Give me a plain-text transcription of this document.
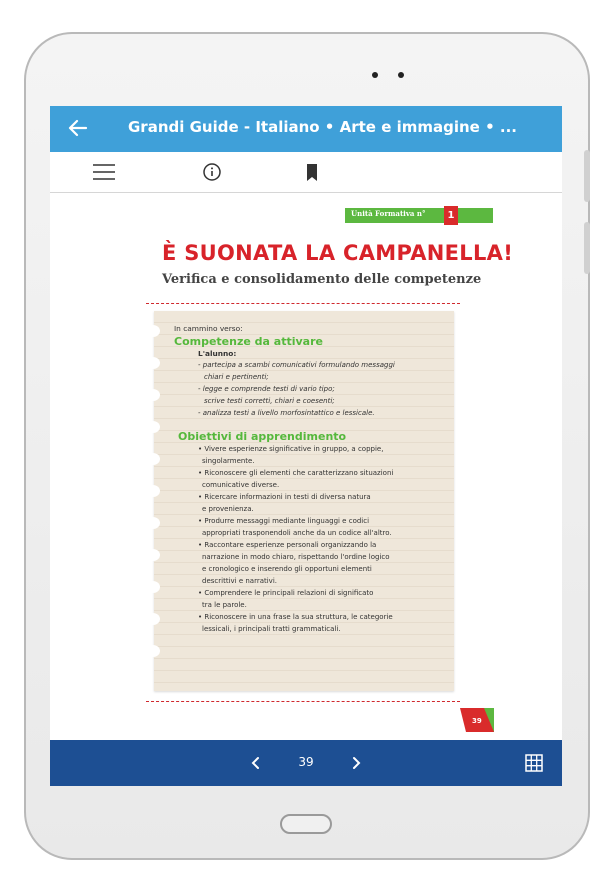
Grandi Guide - Italiano • Arte e immagine • ...
Unità Formativa n°	1
È SUONATA LA CAMPANELLA!
Verifica e consolidamento delle competenze
In cammino verso:
Competenze da attivare
L'alunno:
- partecipa a scambi comunicativi formulando messaggi
chiari e pertinenti;
- legge e comprende testi di vario tipo;
scrive testi corretti, chiari e coesenti;
- analizza testi a livello morfosintattico e lessicale.
Obiettivi di apprendimento
• Vivere esperienze significative in gruppo, a coppie,
singolarmente.
• Riconoscere gli elementi che caratterizzano situazioni
comunicative diverse.
• Ricercare informazioni in testi di diversa natura
e provenienza.
• Produrre messaggi mediante linguaggi e codici
appropriati trasponendoli anche da un codice all'altro.
• Raccontare esperienze personali organizzando la
narrazione in modo chiaro, rispettando l'ordine logico
e cronologico e inserendo gli opportuni elementi
descrittivi e narrativi.
• Comprendere le principali relazioni di significato
tra le parole.
• Riconoscere in una frase la sua struttura, le categorie
lessicali, i principali tratti grammaticali.
39
39
